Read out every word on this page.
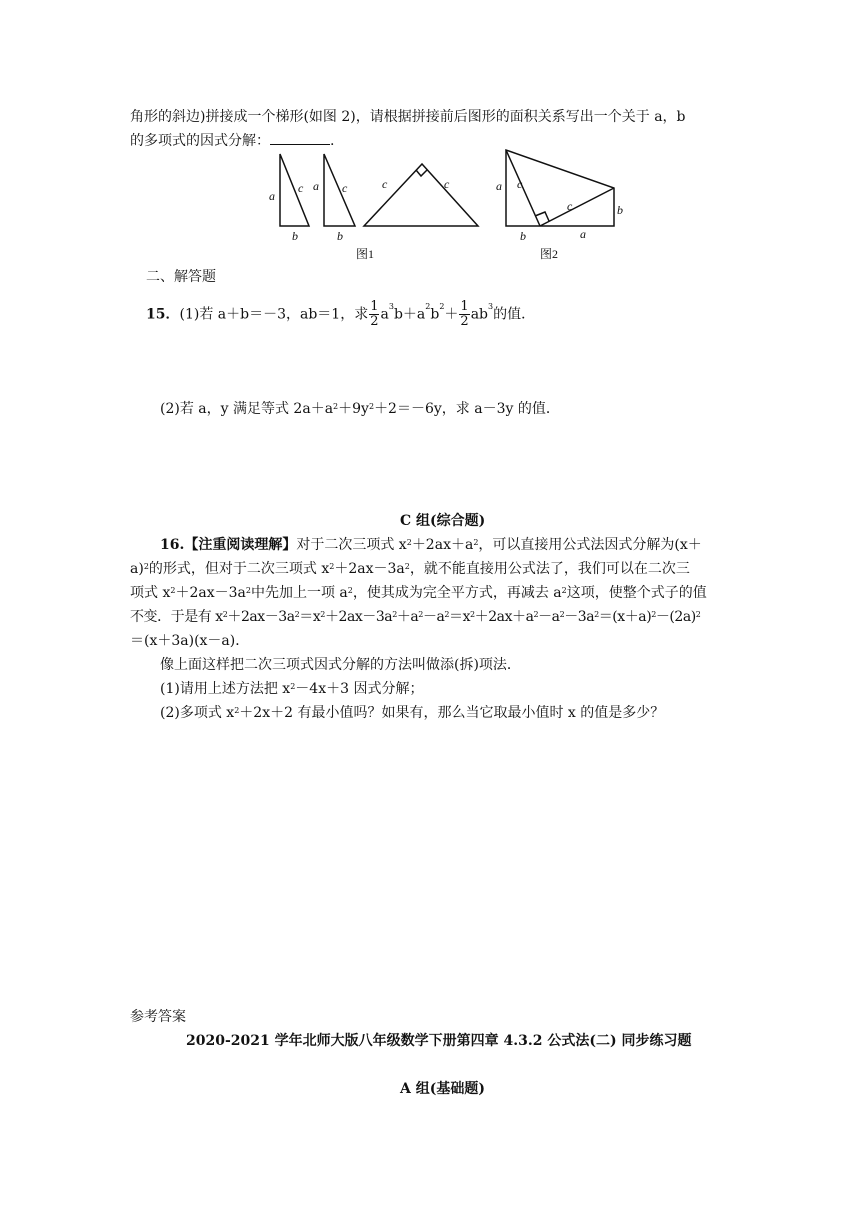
角形的斜边)拼接成一个梯形(如图 2)，请根据拼接前后图形的面积关系写出一个关于 a，b
的多项式的因式分解：	.
a
c
b
a c
b
c	c	a c
c	b
b	a
图1	图2
二、解答题
15．(1)若 a＋b＝－3，ab＝1，求 $\frac{1}{2} a^3b+a^2b^2+ \frac{1}{2} ab^3$的值．
(2)若 a，y 满足等式 $2a+a^2+9y^2+2=-6y$，求 a－3y 的值．
C 组(综合题)
16.【注重阅读理解】对于二次三项式 $x^2+2ax+a^2$，可以直接用公式法因式分解为(x＋
a)$^2$的形式，但对于二次三项式 $x^2+2ax-3a^2$，就不能直接用公式法了，我们可以在二次三
项式 $x^2+2ax-3a^2$中先加上一项 $a^2$，使其成为完全平方式，再减去 $a^2$这项，使整个式子的值
不变．于是有 $x^2+2ax-3a^2=x^2+2ax-3a^2+a^2-a^2=x^2+2ax+a^2-a^2-3a^2=(x+a)^2-(2a)^2$
＝(x＋3a)(x－a)．
像上面这样把二次三项式因式分解的方法叫做添(拆)项法．
(1)请用上述方法把 $x^2-4x+3$ 因式分解；
(2)多项式 $x^2+2x+2$ 有最小值吗？如果有，那么当它取最小值时 x 的值是多少？
参考答案
2020-2021 学年北师大版八年级数学下册第四章 4.3.2 公式法(二) 同步练习题
A 组(基础题)
